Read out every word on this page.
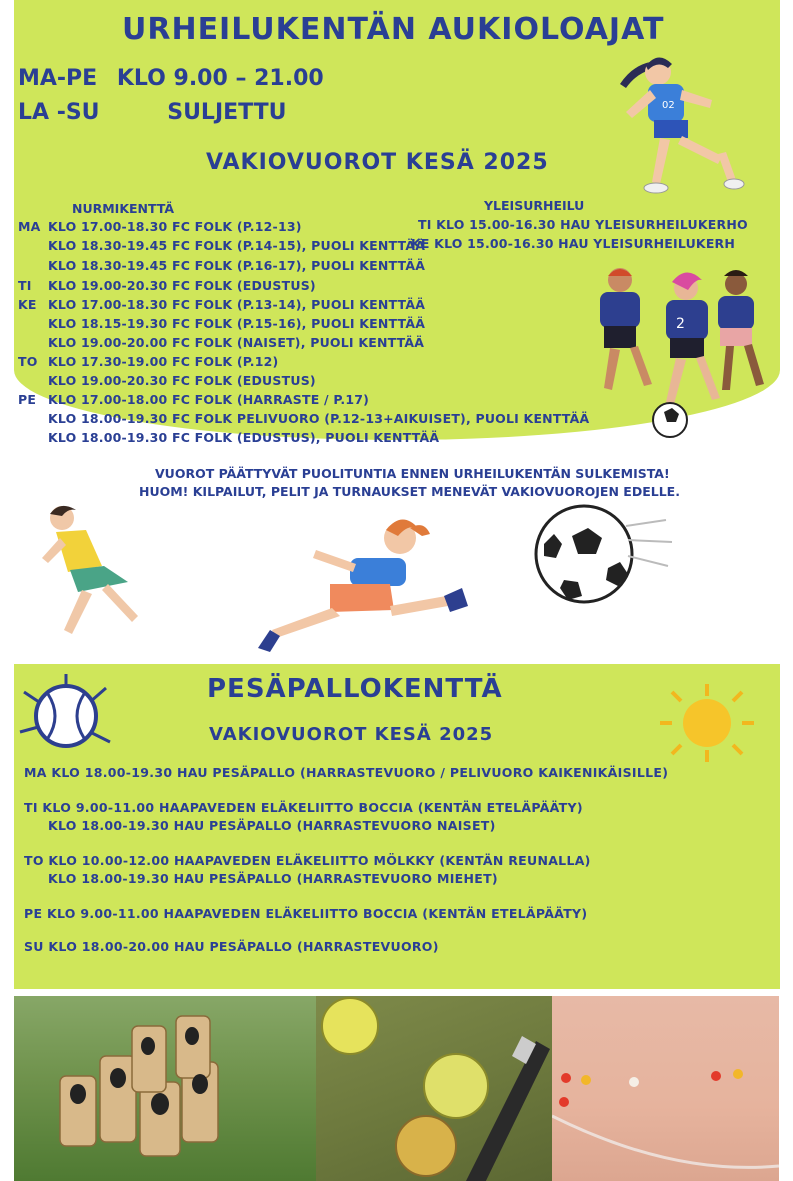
URHEILUKENTÄN AUKIOLOAJAT
MA-PE KLO 9.00 – 21.00
LA -SU	SULJETTU
VAKIOVUOROT KESÄ 2025
02
NURMIKENTTÄ
MA KLO 17.00-18.30 FC FOLK (P.12-13)
KLO 18.30-19.45 FC FOLK (P.14-15), PUOLI KENTTÄÄ
KLO 18.30-19.45 FC FOLK (P.16-17), PUOLI KENTTÄÄ
TI KLO 19.00-20.30 FC FOLK (EDUSTUS)
KE KLO 17.00-18.30 FC FOLK (P.13-14), PUOLI KENTTÄÄ
KLO 18.15-19.30 FC FOLK (P.15-16), PUOLI KENTTÄÄ
KLO 19.00-20.00 FC FOLK (NAISET), PUOLI KENTTÄÄ
TO KLO 17.30-19.00 FC FOLK (P.12)
KLO 19.00-20.30 FC FOLK (EDUSTUS)
PE KLO 17.00-18.00 FC FOLK (HARRASTE / P.17)
KLO 18.00-19.30 FC FOLK PELIVUORO (P.12-13+AIKUISET), PUOLI KENTTÄÄ
KLO 18.00-19.30 FC FOLK (EDUSTUS), PUOLI KENTTÄÄ
YLEISURHEILU
TI KLO 15.00-16.30 HAU YLEISURHEILUKERHO
KE KLO 15.00-16.30 HAU YLEISURHEILUKERH
2
VUOROT PÄÄTTYVÄT PUOLITUNTIA ENNEN URHEILUKENTÄN SULKEMISTA!
HUOM! KILPAILUT, PELIT JA TURNAUKSET MENEVÄT VAKIOVUOROJEN EDELLE.
PESÄPALLOKENTTÄ
VAKIOVUOROT KESÄ 2025
MA KLO 18.00-19.30 HAU PESÄPALLO (HARRASTEVUORO / PELIVUORO KAIKENIKÄISILLE)
TI KLO 9.00-11.00 HAAPAVEDEN ELÄKELIITTO BOCCIA (KENTÄN ETELÄPÄÄTY)
KLO 18.00-19.30 HAU PESÄPALLO (HARRASTEVUORO NAISET)
TO KLO 10.00-12.00 HAAPAVEDEN ELÄKELIITTO MÖLKKY (KENTÄN REUNALLA)
KLO 18.00-19.30 HAU PESÄPALLO (HARRASTEVUORO MIEHET)
PE KLO 9.00-11.00 HAAPAVEDEN ELÄKELIITTO BOCCIA (KENTÄN ETELÄPÄÄTY)
SU KLO 18.00-20.00 HAU PESÄPALLO (HARRASTEVUORO)
